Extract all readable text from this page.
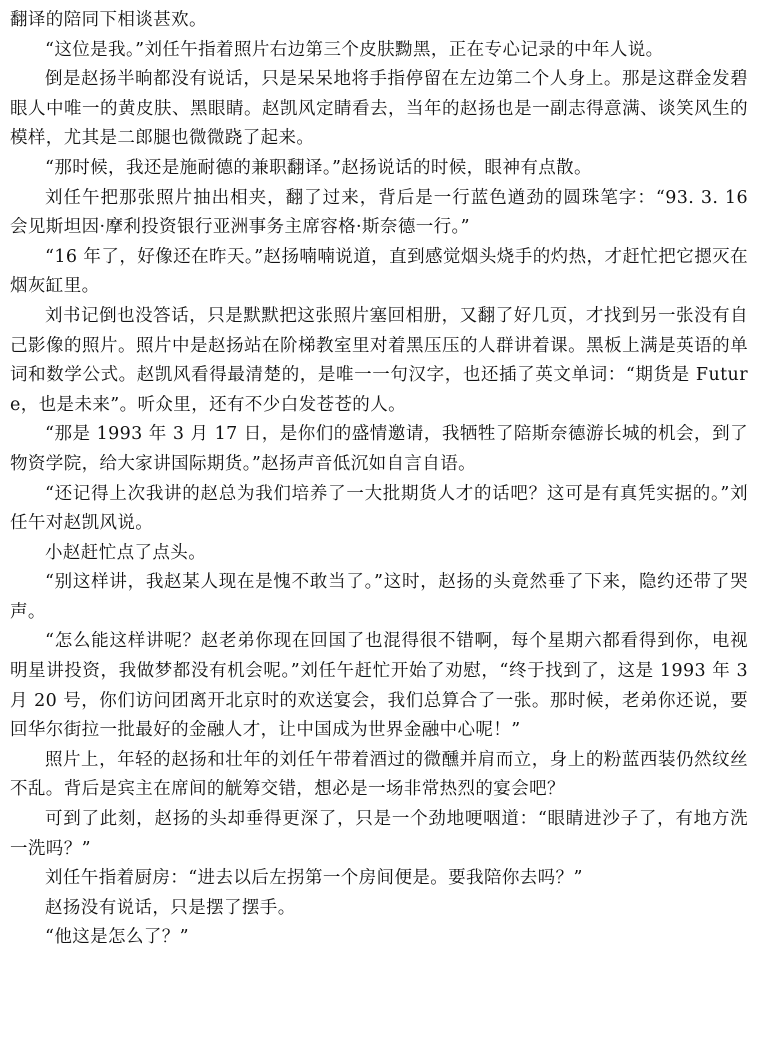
翻译的陪同下相谈甚欢。

“这位是我。”刘任午指着照片右边第三个皮肤黝黑，正在专心记录的中年人说。

倒是赵扬半晌都没有说话，只是呆呆地将手指停留在左边第二个人身上。那是这群金发碧眼人中唯一的黄皮肤、黑眼睛。赵凯风定睛看去，当年的赵扬也是一副志得意满、谈笑风生的模样，尤其是二郎腿也微微跷了起来。

“那时候，我还是施耐德的兼职翻译。”赵扬说话的时候，眼神有点散。

刘任午把那张照片抽出相夹，翻了过来，背后是一行蓝色遒劲的圆珠笔字：“93. 3. 16 会见斯坦因·摩利投资银行亚洲事务主席容格·斯奈德一行。”

“16 年了，好像还在昨天。”赵扬喃喃说道，直到感觉烟头烧手的灼热，才赶忙把它摁灭在烟灰缸里。

刘书记倒也没答话，只是默默把这张照片塞回相册，又翻了好几页，才找到另一张没有自己影像的照片。照片中是赵扬站在阶梯教室里对着黑压压的人群讲着课。黑板上满是英语的单词和数学公式。赵凯风看得最清楚的，是唯一一句汉字，也还插了英文单词：“期货是 Future，也是未来”。听众里，还有不少白发苍苍的人。

“那是 1993 年 3 月 17 日，是你们的盛情邀请，我牺牲了陪斯奈德游长城的机会，到了物资学院，给大家讲国际期货。”赵扬声音低沉如自言自语。

“还记得上次我讲的赵总为我们培养了一大批期货人才的话吧？这可是有真凭实据的。”刘任午对赵凯风说。

小赵赶忙点了点头。

“别这样讲，我赵某人现在是愧不敢当了。”这时，赵扬的头竟然垂了下来，隐约还带了哭声。

“怎么能这样讲呢？赵老弟你现在回国了也混得很不错啊，每个星期六都看得到你，电视明星讲投资，我做梦都没有机会呢。”刘任午赶忙开始了劝慰，“终于找到了，这是 1993 年 3 月 20 号，你们访问团离开北京时的欢送宴会，我们总算合了一张。那时候，老弟你还说，要回华尔街拉一批最好的金融人才，让中国成为世界金融中心呢！”

照片上，年轻的赵扬和壮年的刘任午带着酒过的微醺并肩而立，身上的粉蓝西装仍然纹丝不乱。背后是宾主在席间的觥筹交错，想必是一场非常热烈的宴会吧？

可到了此刻，赵扬的头却垂得更深了，只是一个劲地哽咽道：“眼睛进沙子了，有地方洗一洗吗？”

刘任午指着厨房：“进去以后左拐第一个房间便是。要我陪你去吗？”

赵扬没有说话，只是摆了摆手。

“他这是怎么了？”
